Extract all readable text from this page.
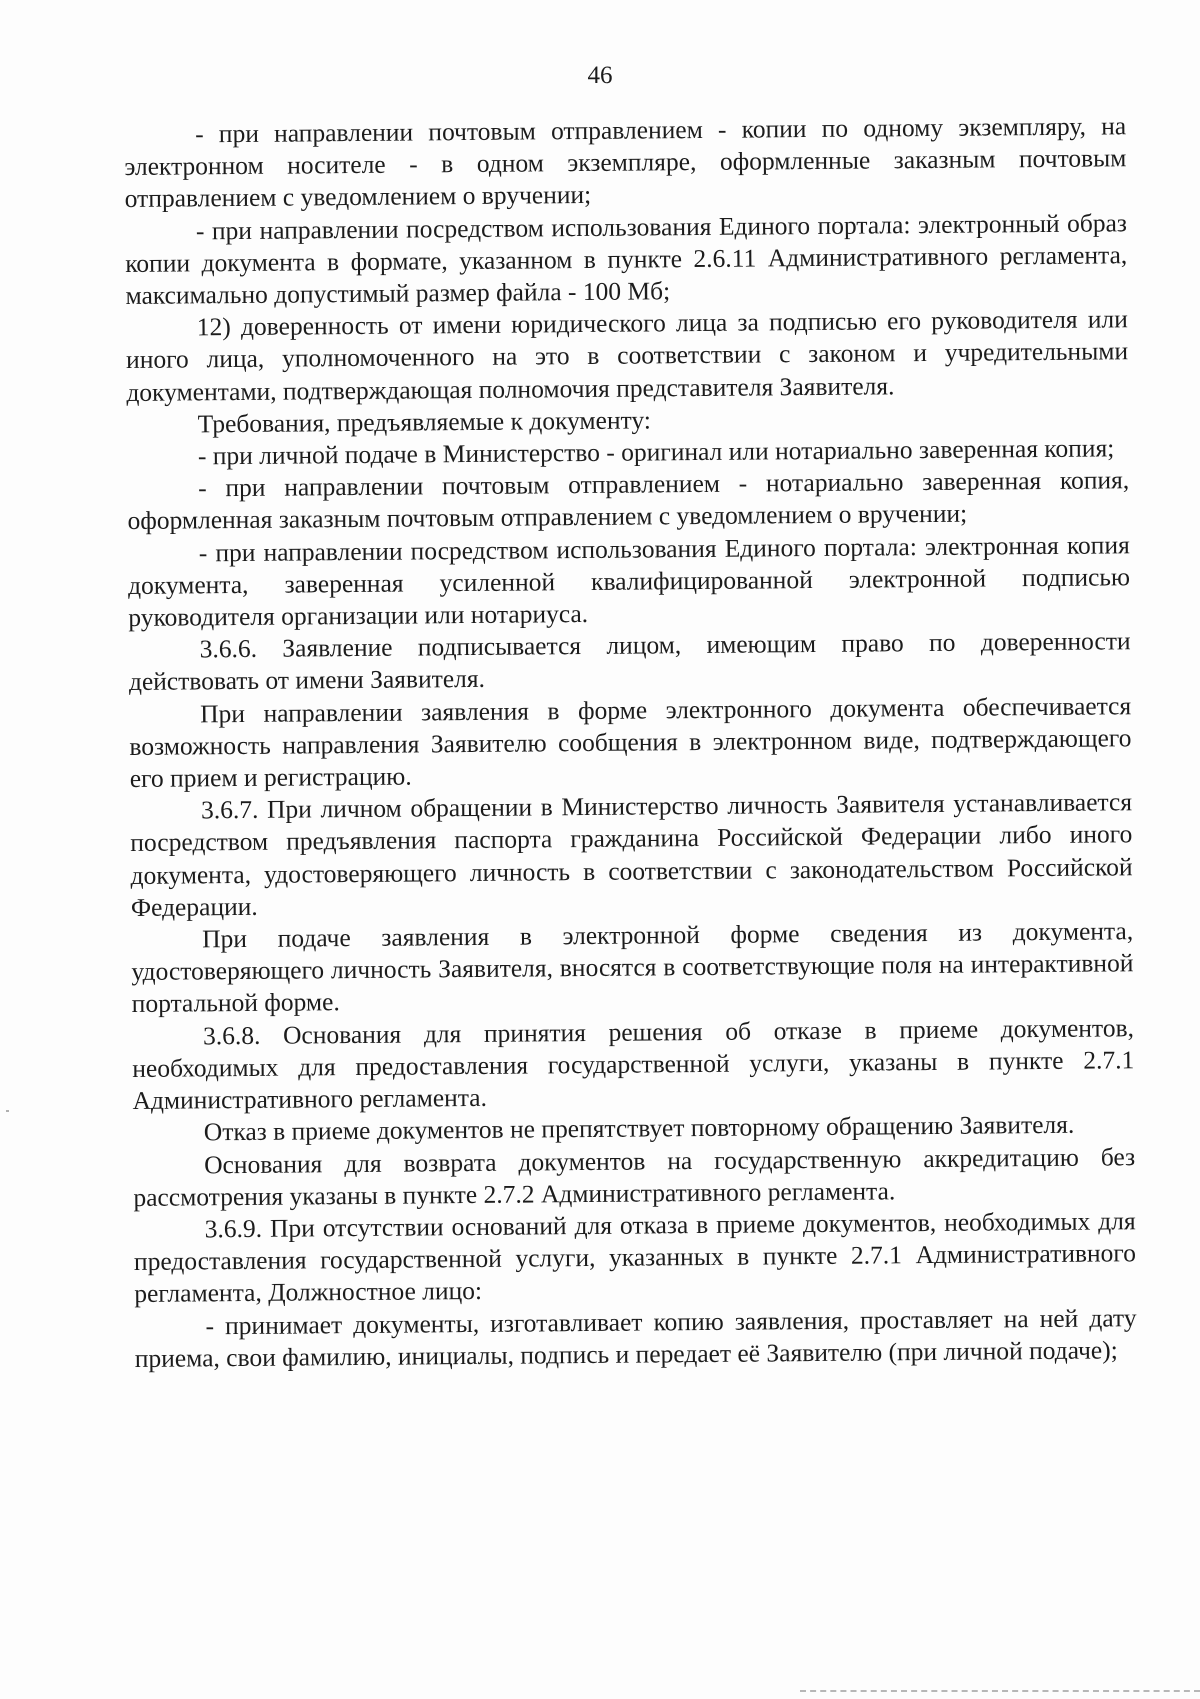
46

- при направлении почтовым отправлением - копии по одному экземпляру, на электронном носителе - в одном экземпляре, оформленные заказным почтовым отправлением с уведомлением о вручении;

- при направлении посредством использования Единого портала: электронный образ копии документа в формате, указанном в пункте 2.6.11 Административного регламента, максимально допустимый размер файла - 100 Мб;

12) доверенность от имени юридического лица за подписью его руководителя или иного лица, уполномоченного на это в соответствии с законом и учредительными документами, подтверждающая полномочия представителя Заявителя.

Требования, предъявляемые к документу:

- при личной подаче в Министерство - оригинал или нотариально заверенная копия;

- при направлении почтовым отправлением - нотариально заверенная копия, оформленная заказным почтовым отправлением с уведомлением о вручении;

- при направлении посредством использования Единого портала: электронная копия документа, заверенная усиленной квалифицированной электронной подписью руководителя организации или нотариуса.

3.6.6. Заявление подписывается лицом, имеющим право по доверенности действовать от имени Заявителя.

При направлении заявления в форме электронного документа обеспечивается возможность направления Заявителю сообщения в электронном виде, подтверждающего его прием и регистрацию.

3.6.7. При личном обращении в Министерство личность Заявителя устанавливается посредством предъявления паспорта гражданина Российской Федерации либо иного документа, удостоверяющего личность в соответствии с законодательством Российской Федерации.

При подаче заявления в электронной форме сведения из документа, удостоверяющего личность Заявителя, вносятся в соответствующие поля на интерактивной портальной форме.

3.6.8. Основания для принятия решения об отказе в приеме документов, необходимых для предоставления государственной услуги, указаны в пункте 2.7.1 Административного регламента.

Отказ в приеме документов не препятствует повторному обращению Заявителя.

Основания для возврата документов на государственную аккредитацию без рассмотрения указаны в пункте 2.7.2 Административного регламента.

3.6.9. При отсутствии оснований для отказа в приеме документов, необходимых для предоставления государственной услуги, указанных в пункте 2.7.1 Административного регламента, Должностное лицо:

- принимает документы, изготавливает копию заявления, проставляет на ней дату приема, свои фамилию, инициалы, подпись и передает её Заявителю (при личной подаче);
